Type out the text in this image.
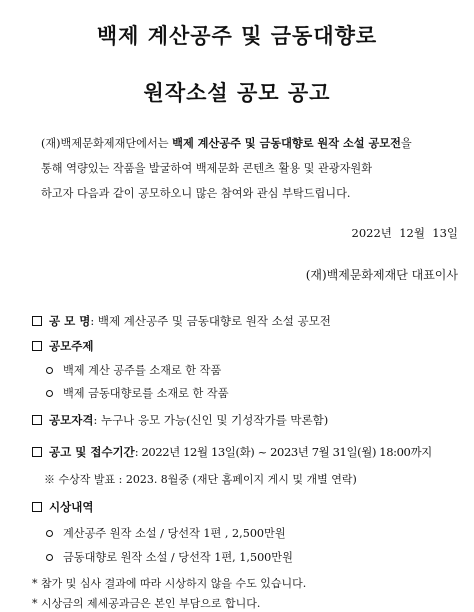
백제 계산공주 및 금동대향로
원작소설 공모 공고
(재)백제문화제재단에서는 백제 계산공주 및 금동대향로 원작 소설 공모전을
통해 역량있는 작품을 발굴하여 백제문화 콘텐츠 활용 및 관광자원화
하고자 다음과 같이 공모하오니 많은 참여와 관심 부탁드립니다.
2022년  12월  13일
(재)백제문화제재단 대표이사
공 모 명 : 백제 계산공주 및 금동대향로 원작 소설 공모전
공모주제
백제 계산 공주를 소재로 한 작품
백제 금동대향로를 소재로 한 작품
공모자격 : 누구나 응모 가능(신인 및 기성작가를 막론함)
공고 및 접수기간 : 2022년 12월 13일(화) ~ 2023년 7월 31일(월) 18:00까지
※ 수상작 발표 : 2023. 8월중 (재단 홈페이지 게시 및 개별 연락)
시상내역
계산공주 원작 소설 / 당선작 1편 , 2,500만원
금동대향로 원작 소설 / 당선작 1편, 1,500만원
* 참가 및 심사 결과에 따라 시상하지 않을 수도 있습니다.
* 시상금의 제세공과금은 본인 부담으로 합니다.
